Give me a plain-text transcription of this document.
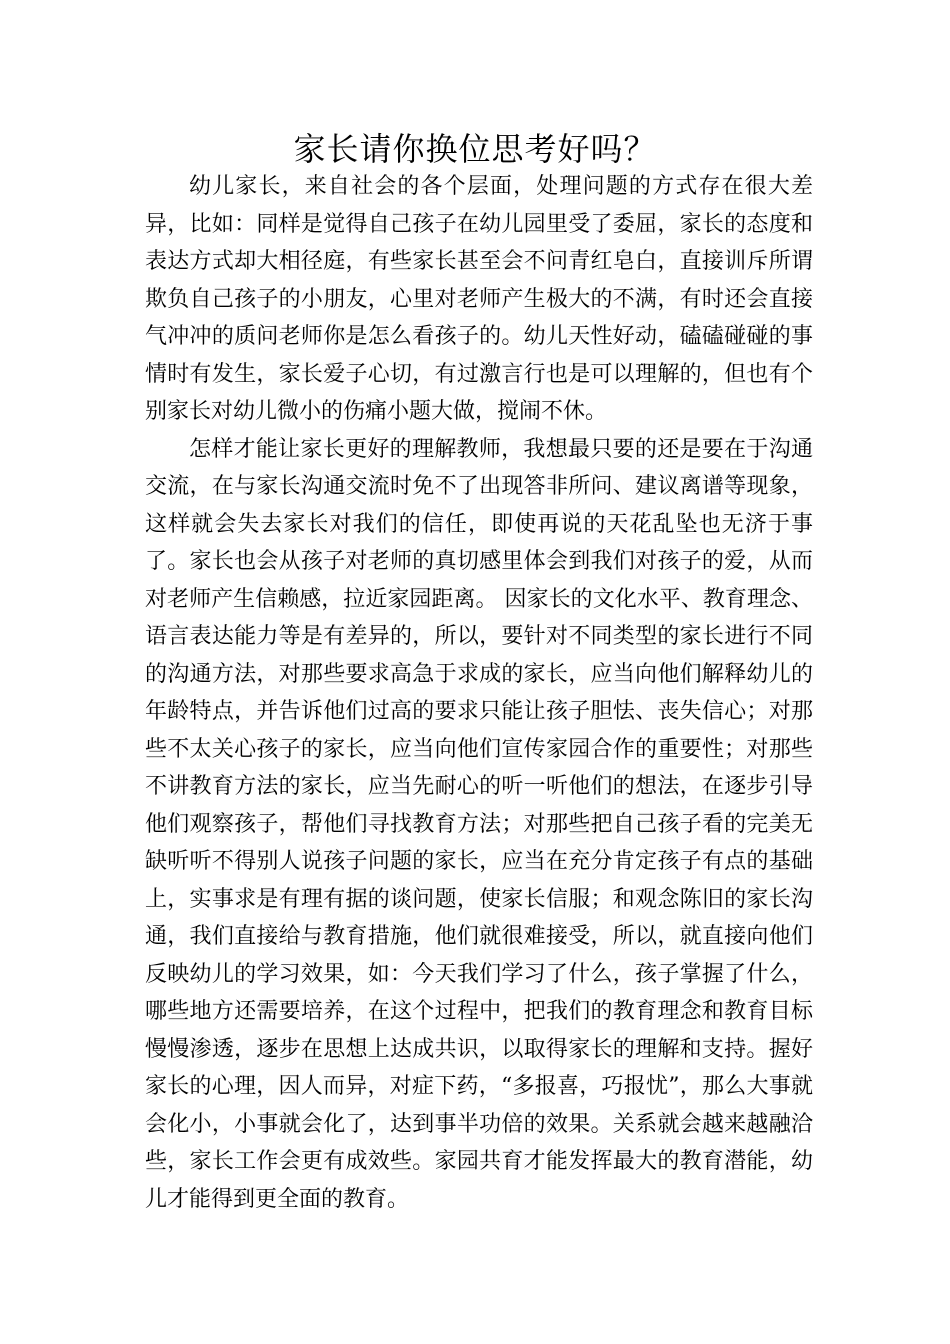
家长请你换位思考好吗？

幼儿家长，来自社会的各个层面，处理问题的方式存在很大差异，比如：同样是觉得自己孩子在幼儿园里受了委屈，家长的态度和表达方式却大相径庭，有些家长甚至会不问青红皂白，直接训斥所谓欺负自己孩子的小朋友，心里对老师产生极大的不满，有时还会直接气冲冲的质问老师你是怎么看孩子的。幼儿天性好动，磕磕碰碰的事情时有发生，家长爱子心切，有过激言行也是可以理解的，但也有个别家长对幼儿微小的伤痛小题大做，搅闹不休。

怎样才能让家长更好的理解教师，我想最只要的还是要在于沟通交流，在与家长沟通交流时免不了出现答非所问、建议离谱等现象，这样就会失去家长对我们的信任，即使再说的天花乱坠也无济于事了。家长也会从孩子对老师的真切感里体会到我们对孩子的爱，从而对老师产生信赖感，拉近家园距离。 因家长的文化水平、教育理念、语言表达能力等是有差异的，所以，要针对不同类型的家长进行不同的沟通方法，对那些要求高急于求成的家长，应当向他们解释幼儿的年龄特点，并告诉他们过高的要求只能让孩子胆怯、丧失信心；对那些不太关心孩子的家长，应当向他们宣传家园合作的重要性；对那些不讲教育方法的家长，应当先耐心的听一听他们的想法，在逐步引导他们观察孩子，帮他们寻找教育方法；对那些把自己孩子看的完美无缺听听不得别人说孩子问题的家长，应当在充分肯定孩子有点的基础上，实事求是有理有据的谈问题，使家长信服；和观念陈旧的家长沟通，我们直接给与教育措施，他们就很难接受，所以，就直接向他们反映幼儿的学习效果，如：今天我们学习了什么，孩子掌握了什么，哪些地方还需要培养，在这个过程中，把我们的教育理念和教育目标慢慢渗透，逐步在思想上达成共识，以取得家长的理解和支持。握好家长的心理，因人而异，对症下药，“多报喜，巧报忧”，那么大事就会化小，小事就会化了，达到事半功倍的效果。关系就会越来越融洽些，家长工作会更有成效些。家园共育才能发挥最大的教育潜能，幼儿才能得到更全面的教育。
